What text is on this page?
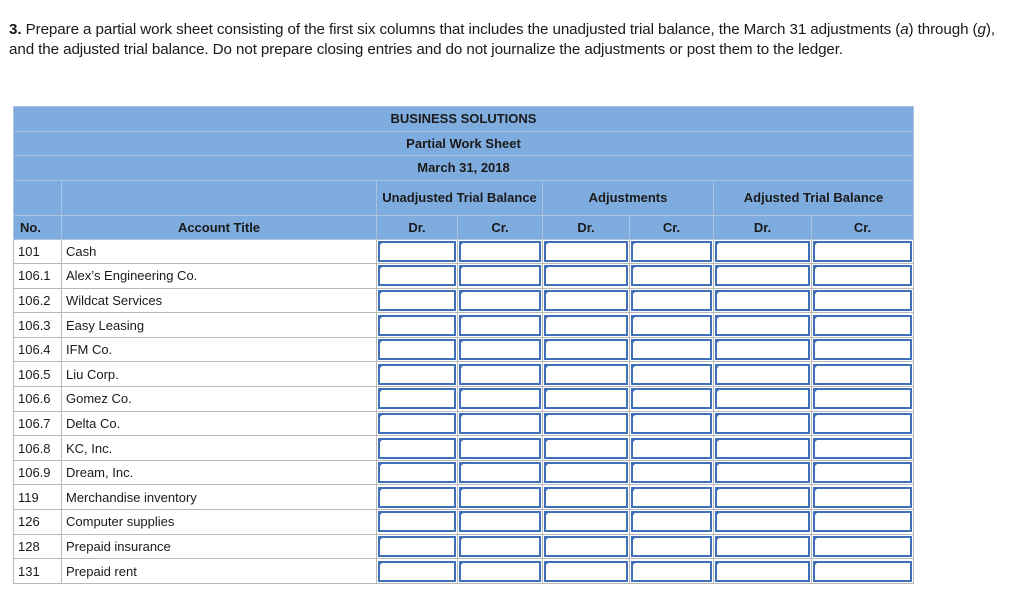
3. Prepare a partial work sheet consisting of the first six columns that includes the unadjusted trial balance, the March 31 adjustments (a) through (g), and the adjusted trial balance. Do not prepare closing entries and do not journalize the adjustments or post them to the ledger.
BUSINESS SOLUTIONS							
Partial Work Sheet							
March 31, 2018							
		Unadjusted Trial Balance		Adjustments		Adjusted Trial Balance	
No.	Account Title	Dr.	Cr.	Dr.	Cr.	Dr.	Cr.
101	Cash	

106.1	Alex’s Engineering Co.	

106.2	Wildcat Services	

106.3	Easy Leasing	

106.4	IFM Co.	

106.5	Liu Corp.	

106.6	Gomez Co.	

106.7	Delta Co.	

106.8	KC, Inc.	

106.9	Dream, Inc.	

119	Merchandise inventory	

126	Computer supplies	

128	Prepaid insurance	

131	Prepaid rent	
